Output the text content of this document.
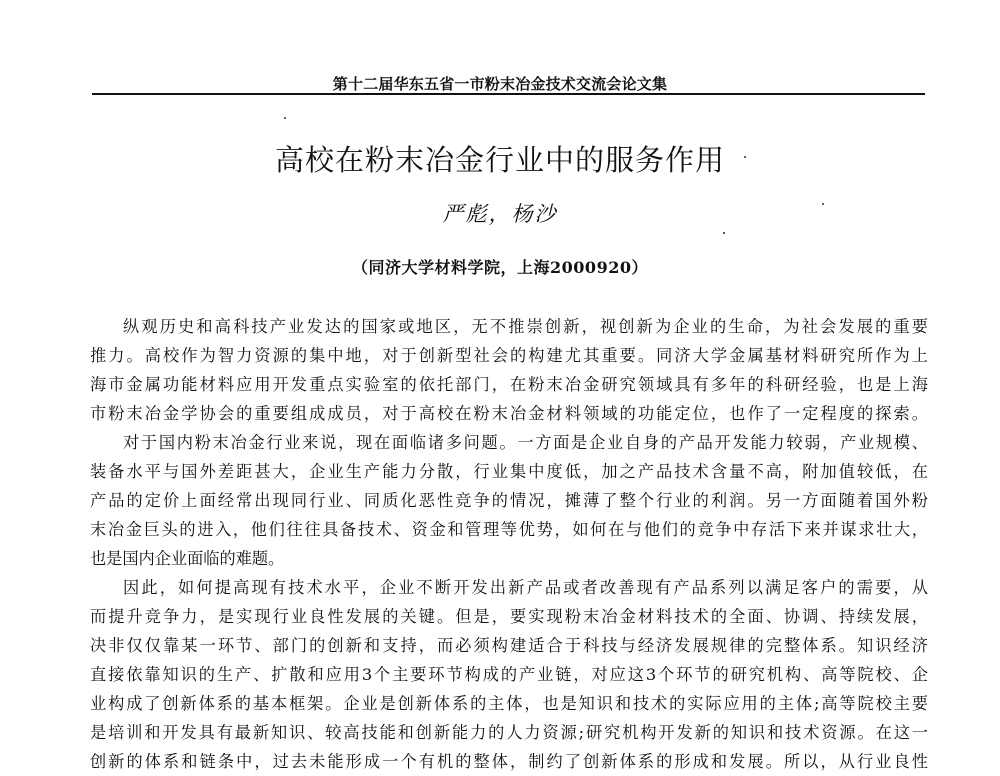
第十二届华东五省一市粉末冶金技术交流会论文集
高校在粉末冶金行业中的服务作用
严彪，杨沙
（同济大学材料学院，上海2000920）
纵观历史和高科技产业发达的国家或地区，无不推崇创新，视创新为企业的生命，为社会发展的重要
推力。高校作为智力资源的集中地，对于创新型社会的构建尤其重要。同济大学金属基材料研究所作为上
海市金属功能材料应用开发重点实验室的依托部门，在粉末冶金研究领域具有多年的科研经验，也是上海
市粉末冶金学协会的重要组成成员，对于高校在粉末冶金材料领域的功能定位，也作了一定程度的探索。
对于国内粉末冶金行业来说，现在面临诸多问题。一方面是企业自身的产品开发能力较弱，产业规模、
装备水平与国外差距甚大，企业生产能力分散，行业集中度低，加之产品技术含量不高，附加值较低，在
产品的定价上面经常出现同行业、同质化恶性竞争的情况，摊薄了整个行业的利润。另一方面随着国外粉
末冶金巨头的进入，他们往往具备技术、资金和管理等优势，如何在与他们的竞争中存活下来并谋求壮大，
也是国内企业面临的难题。
因此，如何提高现有技术水平，企业不断开发出新产品或者改善现有产品系列以满足客户的需要，从
而提升竞争力，是实现行业良性发展的关键。但是，要实现粉末冶金材料技术的全面、协调、持续发展，
决非仅仅靠某一环节、部门的创新和支持，而必须构建适合于科技与经济发展规律的完整体系。知识经济
直接依靠知识的生产、扩散和应用3个主要环节构成的产业链，对应这3个环节的研究机构、高等院校、企
业构成了创新体系的基本框架。企业是创新体系的主体，也是知识和技术的实际应用的主体;高等院校主要
是培训和开发具有最新知识、较高技能和创新能力的人力资源;研究机构开发新的知识和技术资源。在这一
创新的体系和链条中，过去未能形成一个有机的整体，制约了创新体系的形成和发展。所以，从行业良性
